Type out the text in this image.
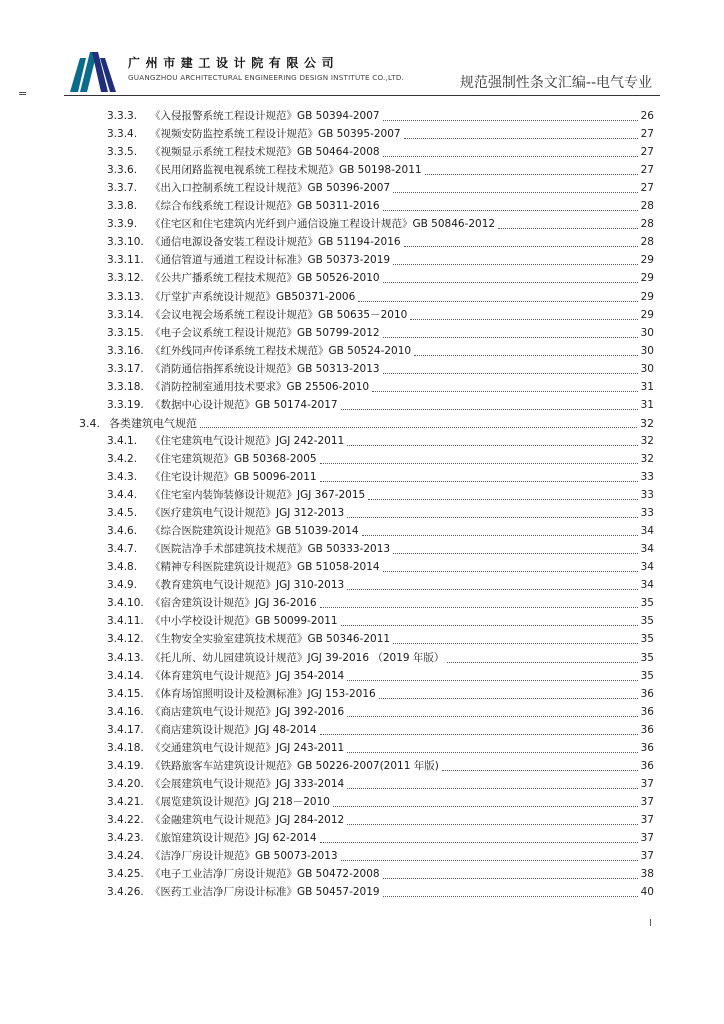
=
广州市建工设计院有限公司
GUANGZHOU ARCHITECTURAL ENGINEERING DESIGN INSTITUTE CO.,LTD.	规范强制性条文汇编--电气专业
3.3.3.	《入侵报警系统工程设计规范》GB 50394-2007	26
3.3.4.	《视频安防监控系统工程设计规范》GB 50395-2007	27
3.3.5.	《视频显示系统工程技术规范》GB 50464-2008	27
3.3.6.	《民用闭路监视电视系统工程技术规范》GB 50198-2011	27
3.3.7.	《出入口控制系统工程设计规范》GB 50396-2007	27
3.3.8.	《综合布线系统工程设计规范》GB 50311-2016	28
3.3.9.	《住宅区和住宅建筑内光纤到户通信设施工程设计规范》GB 50846-2012	28
3.3.10. 《通信电源设备安装工程设计规范》GB 51194-2016	28
3.3.11. 《通信管道与通道工程设计标准》GB 50373-2019	29
3.3.12. 《公共广播系统工程技术规范》GB 50526-2010	29
3.3.13. 《厅堂扩声系统设计规范》GB50371-2006	29
3.3.14. 《会议电视会场系统工程设计规范》GB 50635－2010	29
3.3.15. 《电子会议系统工程设计规范》GB 50799-2012	30
3.3.16. 《红外线同声传译系统工程技术规范》GB 50524-2010	30
3.3.17. 《消防通信指挥系统设计规范》GB 50313-2013	30
3.3.18. 《消防控制室通用技术要求》GB 25506-2010	31
3.3.19. 《数据中心设计规范》GB 50174-2017	31
3.4. 各类建筑电气规范	32
3.4.1.	《住宅建筑电气设计规范》JGJ 242-2011	32
3.4.2.	《住宅建筑规范》GB 50368-2005	32
3.4.3.	《住宅设计规范》GB 50096-2011	33
3.4.4.	《住宅室内装饰装修设计规范》JGJ 367-2015	33
3.4.5.	《医疗建筑电气设计规范》JGJ 312-2013	33
3.4.6.	《综合医院建筑设计规范》GB 51039-2014	34
3.4.7.	《医院洁净手术部建筑技术规范》GB 50333-2013	34
3.4.8.	《精神专科医院建筑设计规范》GB 51058-2014	34
3.4.9.	《教育建筑电气设计规范》JGJ 310-2013	34
3.4.10. 《宿舍建筑设计规范》JGJ 36-2016	35
3.4.11. 《中小学校设计规范》GB 50099-2011	35
3.4.12. 《生物安全实验室建筑技术规范》GB 50346-2011	35
3.4.13. 《托儿所、幼儿园建筑设计规范》JGJ 39-2016 （2019 年版）	35
3.4.14. 《体育建筑电气设计规范》JGJ 354-2014	35
3.4.15. 《体育场馆照明设计及检测标准》JGJ 153-2016	36
3.4.16. 《商店建筑电气设计规范》JGJ 392-2016	36
3.4.17. 《商店建筑设计规范》JGJ 48-2014	36
3.4.18. 《交通建筑电气设计规范》JGJ 243-2011	36
3.4.19. 《铁路旅客车站建筑设计规范》GB 50226-2007(2011 年版)	36
3.4.20. 《会展建筑电气设计规范》JGJ 333-2014	37
3.4.21. 《展览建筑设计规范》JGJ 218－2010	37
3.4.22. 《金融建筑电气设计规范》JGJ 284-2012	37
3.4.23. 《旅馆建筑设计规范》JGJ 62-2014	37
3.4.24. 《洁净厂房设计规范》GB 50073-2013	37
3.4.25. 《电子工业洁净厂房设计规范》GB 50472-2008	38
3.4.26. 《医药工业洁净厂房设计标准》GB 50457-2019	40
I
